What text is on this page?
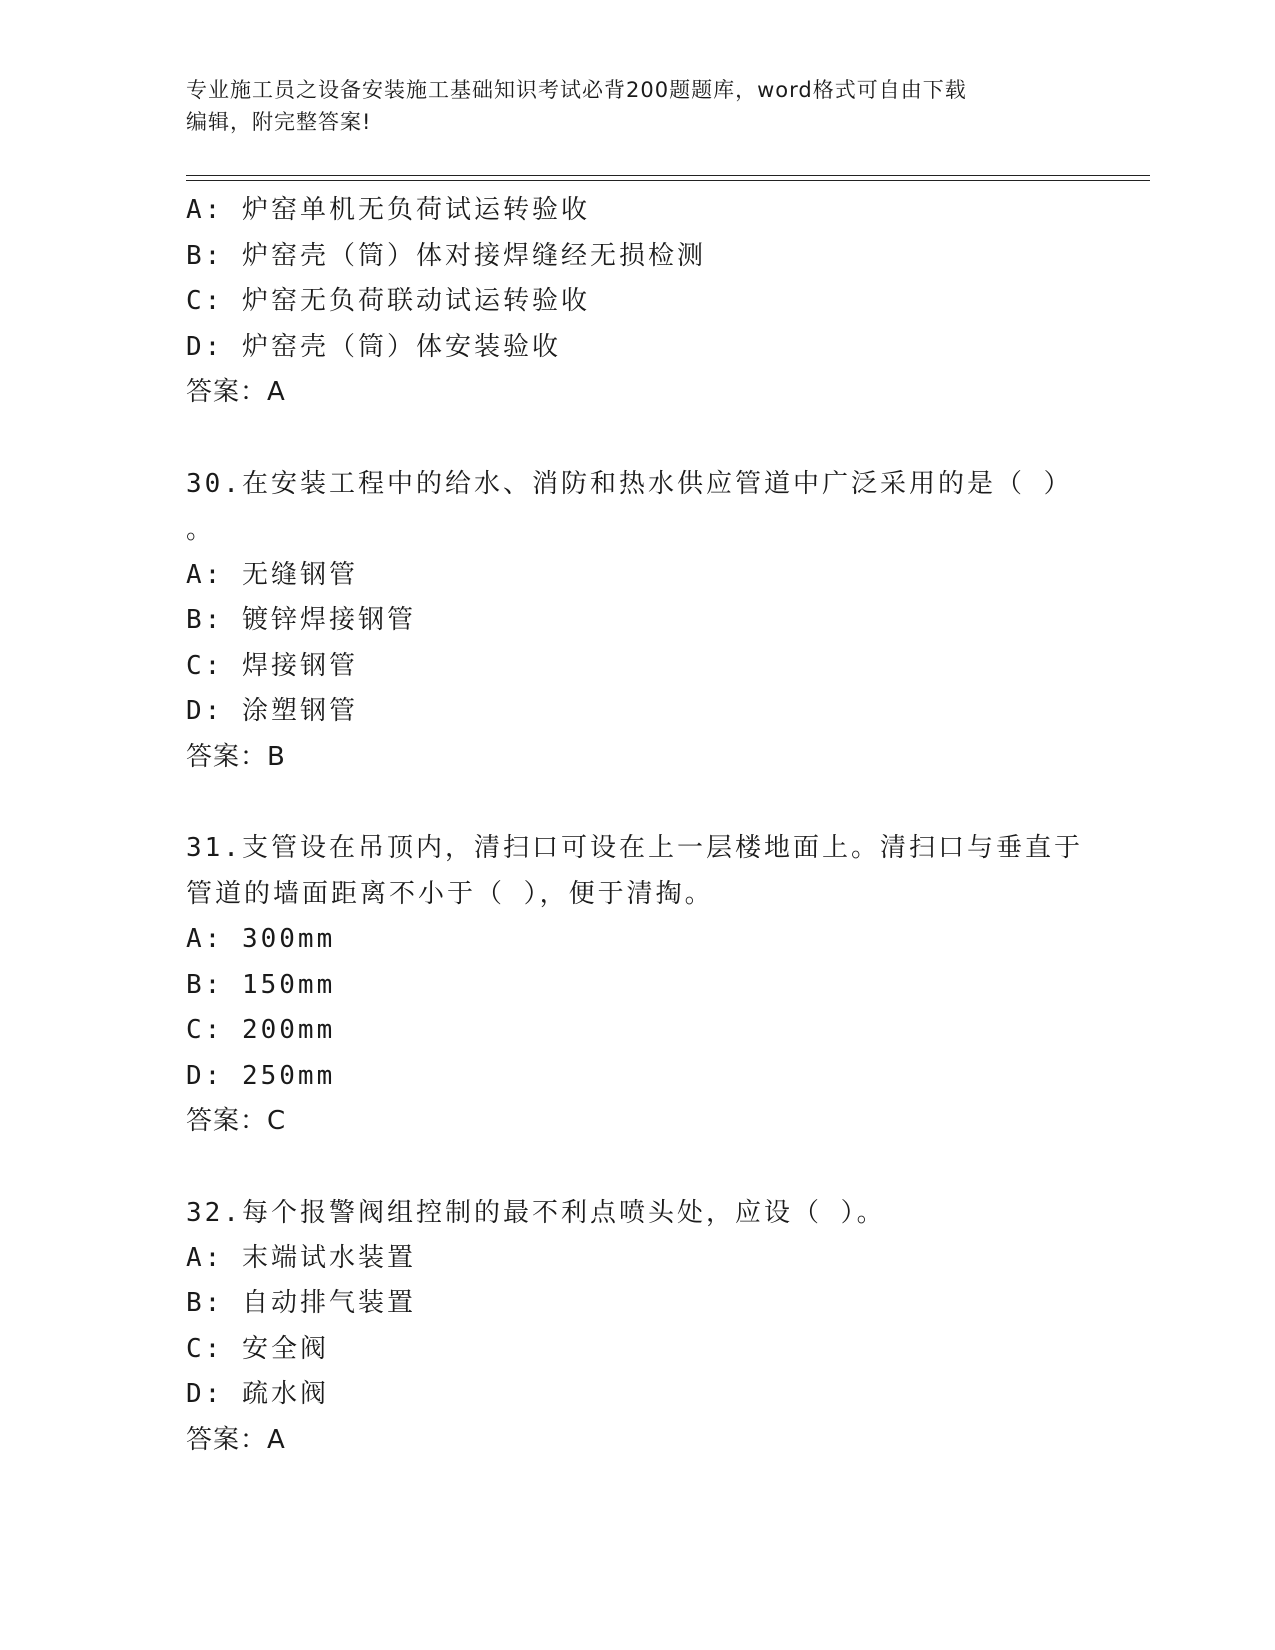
专业施工员之设备安装施工基础知识考试必背200题题库，word格式可自由下载
编辑，附完整答案!
A: 炉窑单机无负荷试运转验收
B: 炉窑壳（筒）体对接焊缝经无损检测
C: 炉窑无负荷联动试运转验收
D: 炉窑壳（筒）体安装验收
答案：A
30.在安装工程中的给水、消防和热水供应管道中广泛采用的是（ ）
。
A: 无缝钢管
B: 镀锌焊接钢管
C: 焊接钢管
D: 涂塑钢管
答案：B
31.支管设在吊顶内，清扫口可设在上一层楼地面上。清扫口与垂直于
管道的墙面距离不小于（ ），便于清掏。
A: 300mm
B: 150mm
C: 200mm
D: 250mm
答案：C
32.每个报警阀组控制的最不利点喷头处，应设（ ）。
A: 末端试水装置
B: 自动排气装置
C: 安全阀
D: 疏水阀
答案：A
